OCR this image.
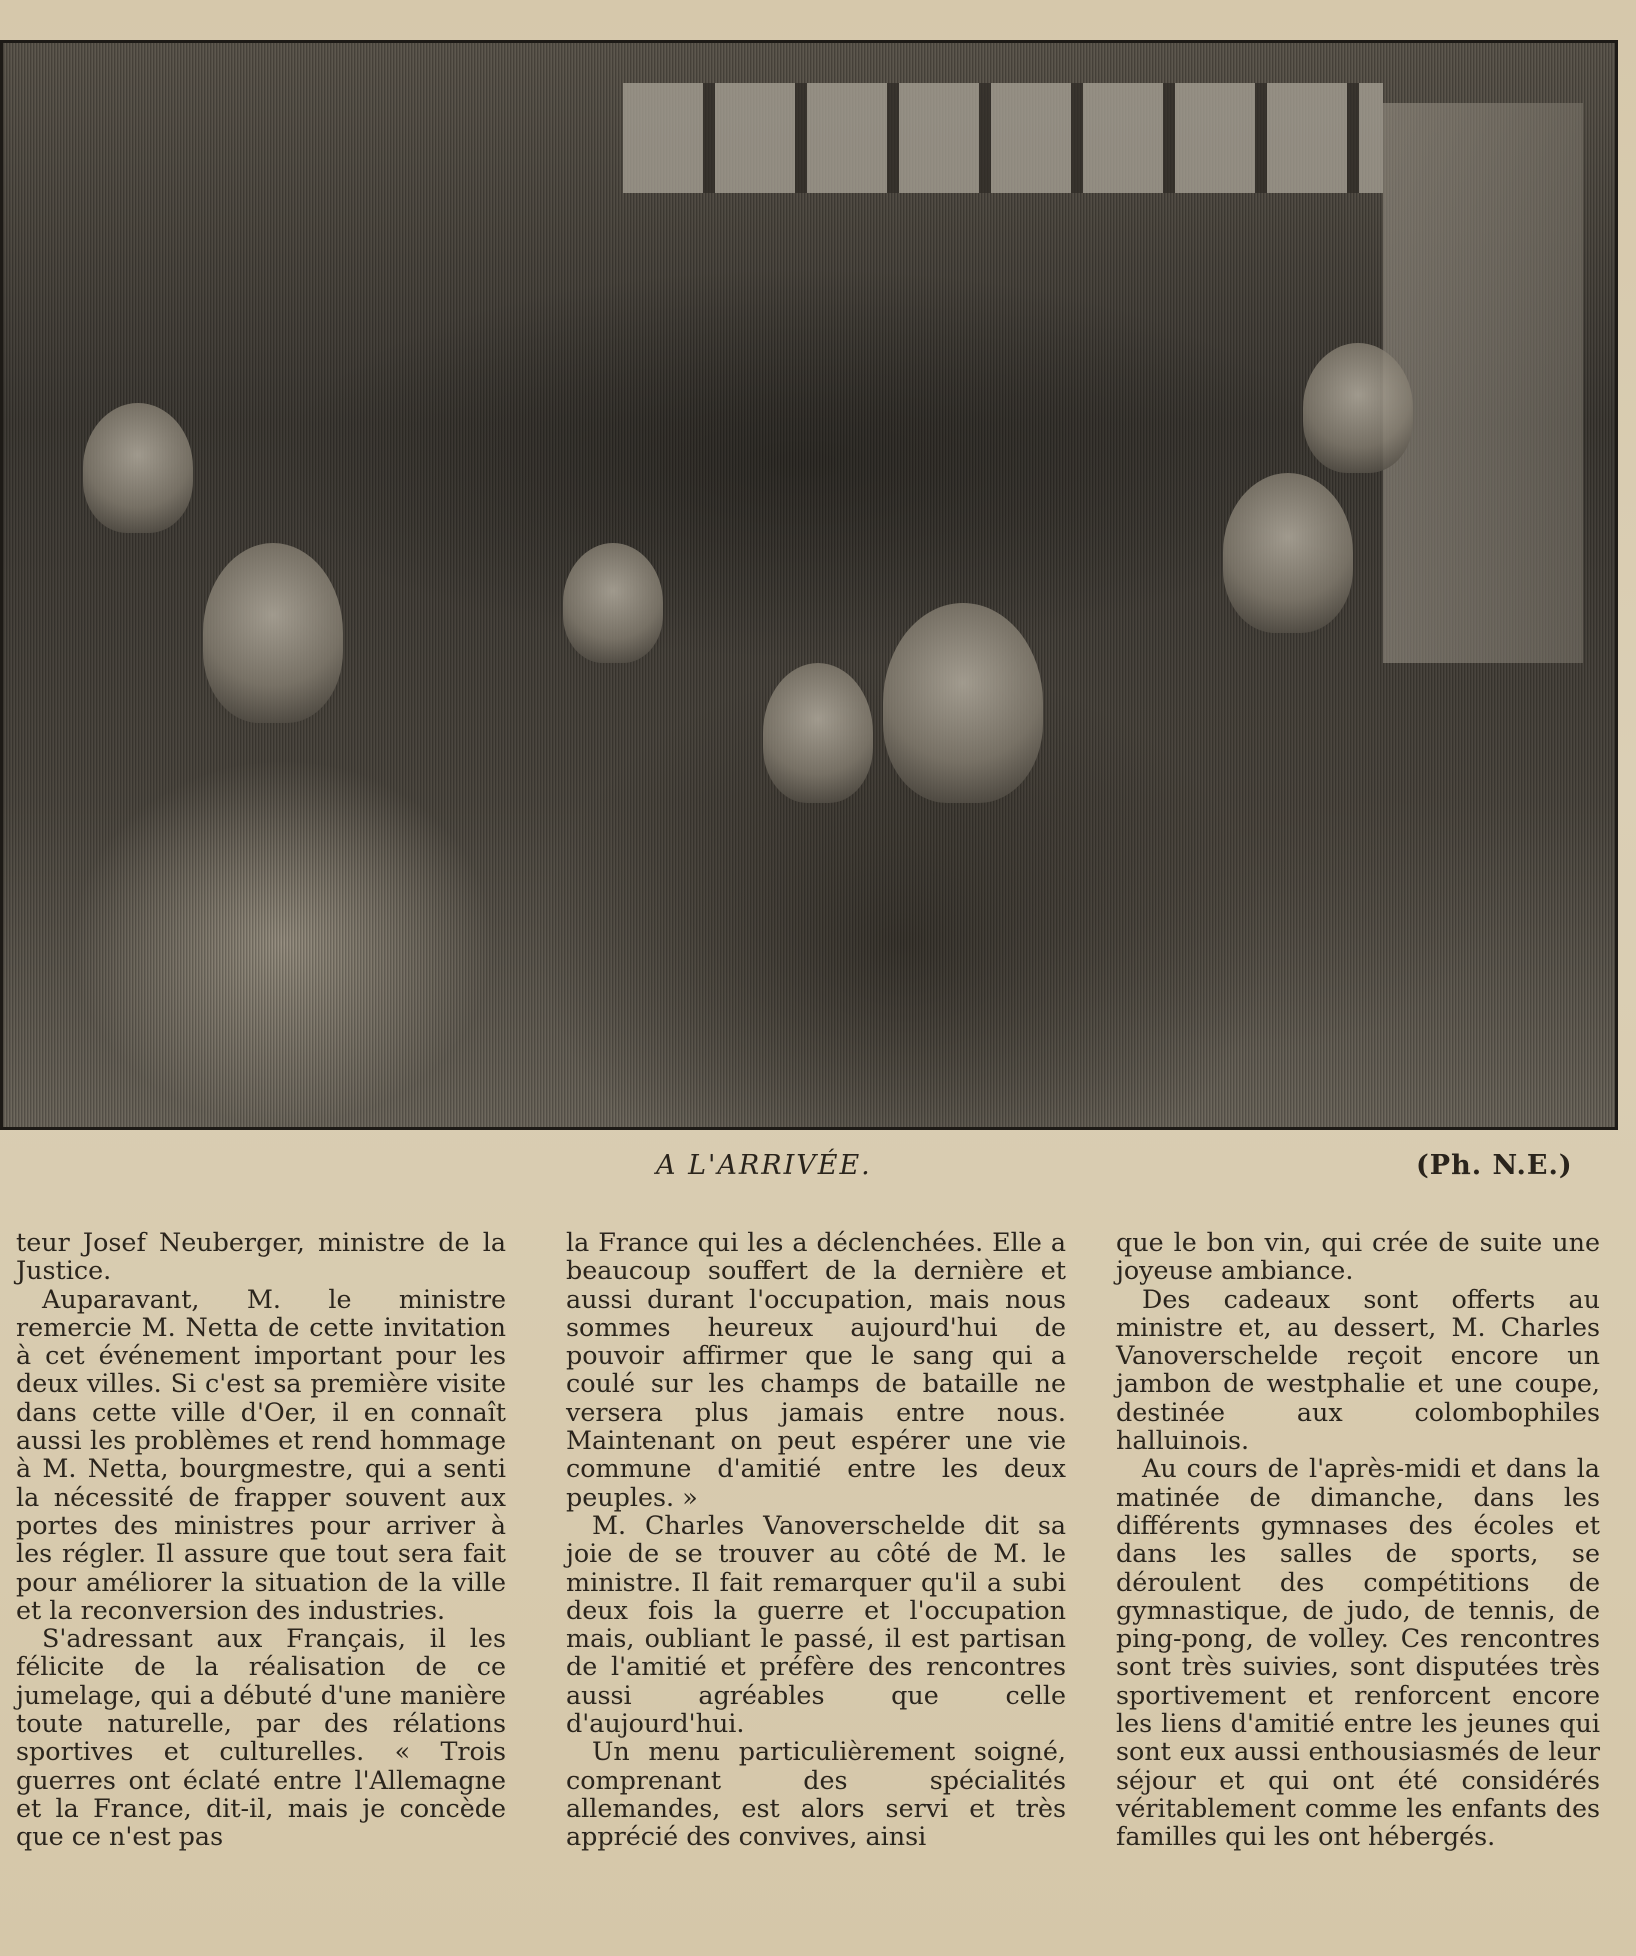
A L'ARRIVÉE.	(Ph. N.E.)

teur Josef Neuberger, ministre de la Justice.

Auparavant, M. le ministre remercie M. Netta de cette invitation à cet événement important pour les deux villes. Si c'est sa première visite dans cette ville d'Oer, il en connaît aussi les problèmes et rend hommage à M. Netta, bourgmestre, qui a senti la nécessité de frapper souvent aux portes des ministres pour arriver à les régler. Il assure que tout sera fait pour améliorer la situation de la ville et la reconversion des industries.

S'adressant aux Français, il les félicite de la réalisation de ce jumelage, qui a débuté d'une manière toute naturelle, par des rélations sportives et culturelles. « Trois guerres ont éclaté entre l'Allemagne et la France, dit-il, mais je concède que ce n'est pas

la France qui les a déclenchées. Elle a beaucoup souffert de la dernière et aussi durant l'occupation, mais nous sommes heureux aujourd'hui de pouvoir affirmer que le sang qui a coulé sur les champs de bataille ne versera plus jamais entre nous. Maintenant on peut espérer une vie commune d'amitié entre les deux peuples. »

M. Charles Vanoverschelde dit sa joie de se trouver au côté de M. le ministre. Il fait remarquer qu'il a subi deux fois la guerre et l'occupation mais, oubliant le passé, il est partisan de l'amitié et préfère des rencontres aussi agréables que celle d'aujourd'hui.

Un menu particulièrement soigné, comprenant des spécialités allemandes, est alors servi et très apprécié des convives, ainsi

que le bon vin, qui crée de suite une joyeuse ambiance.

Des cadeaux sont offerts au ministre et, au dessert, M. Charles Vanoverschelde reçoit encore un jambon de westphalie et une coupe, destinée aux colombophiles halluinois.

Au cours de l'après-midi et dans la matinée de dimanche, dans les différents gymnases des écoles et dans les salles de sports, se déroulent des compétitions de gymnastique, de judo, de tennis, de ping-pong, de volley. Ces rencontres sont très suivies, sont disputées très sportivement et renforcent encore les liens d'amitié entre les jeunes qui sont eux aussi enthousiasmés de leur séjour et qui ont été considérés véritablement comme les enfants des familles qui les ont hébergés.
